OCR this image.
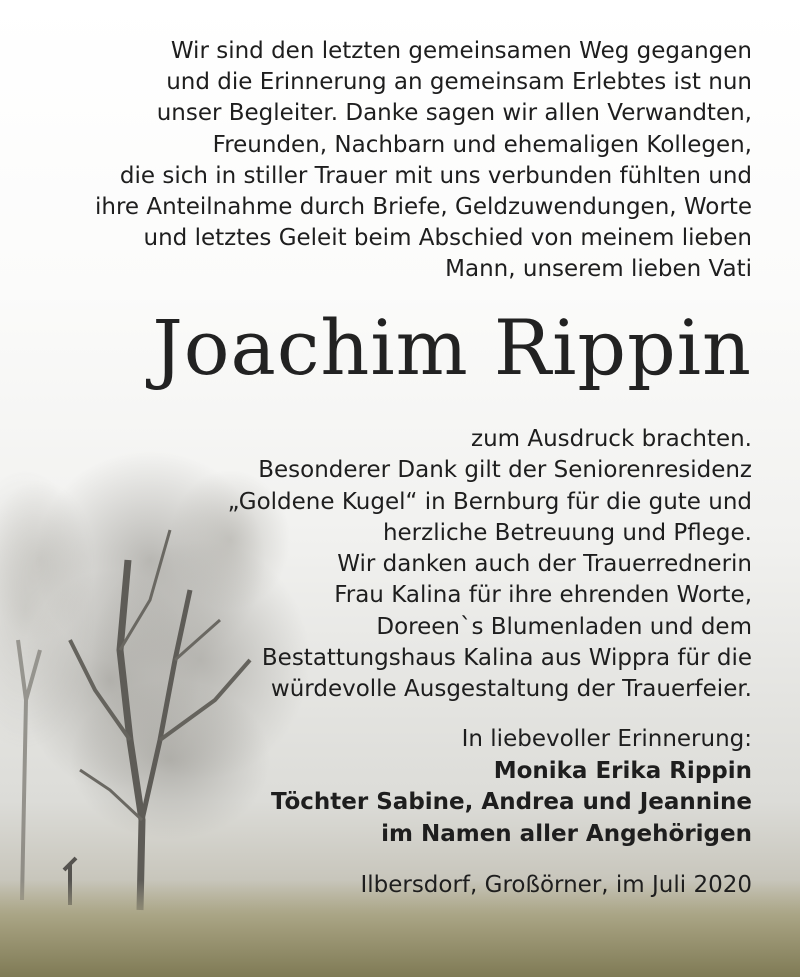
Wir sind den letzten gemeinsamen Weg gegangen
und die Erinnerung an gemeinsam Erlebtes ist nun
unser Begleiter. Danke sagen wir allen Verwandten,
Freunden, Nachbarn und ehemaligen Kollegen,
die sich in stiller Trauer mit uns verbunden fühlten und
ihre Anteilnahme durch Briefe, Geldzuwendungen, Worte
und letztes Geleit beim Abschied von meinem lieben
Mann, unserem lieben Vati
Joachim Rippin
zum Ausdruck brachten.
Besonderer Dank gilt der Seniorenresidenz
„Goldene Kugel“ in Bernburg für die gute und
herzliche Betreuung und Pflege.
Wir danken auch der Trauerrednerin
Frau Kalina für ihre ehrenden Worte,
Doreen`s Blumenladen und dem
Bestattungshaus Kalina aus Wippra für die
würdevolle Ausgestaltung der Trauerfeier.
In liebevoller Erinnerung:
Monika Erika Rippin
Töchter Sabine, Andrea und Jeannine
im Namen aller Angehörigen
Ilbersdorf, Großörner, im Juli 2020
